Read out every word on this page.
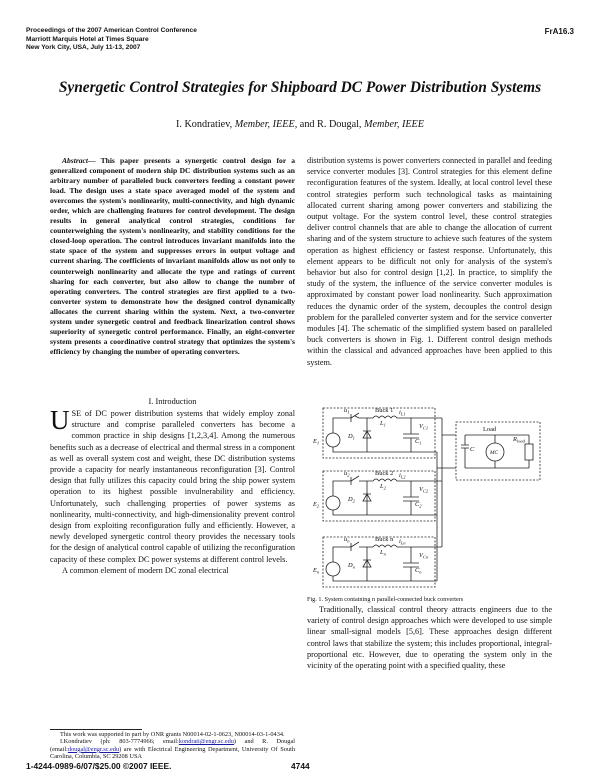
Proceedings of the 2007 American Control Conference
Marriott Marquis Hotel at Times Square
New York City, USA, July 11-13, 2007
FrA16.3
Synergetic Control Strategies for Shipboard DC Power Distribution Systems
I. Kondratiev, Member, IEEE, and R. Dougal, Member, IEEE
Abstract— This paper presents a synergetic control design for a generalized component of modern ship DC distribution systems such as an arbitrary number of paralleled buck converters feeding a constant power load. The design uses a state space averaged model of the system and overcomes the system's nonlinearity, multi-connectivity, and high dynamic order, which are challenging features for control development. The design results in general analytical control strategies, conditions for counterweighing the system's nonlinearity, and stability conditions for the closed-loop operation. The control introduces invariant manifolds into the state space of the system and suppresses errors in output voltage and current sharing. The coefficients of invariant manifolds allow us not only to counterweigh nonlinearity and allocate the type and ratings of current sharing for each converter, but also allow to change the number of operating converters. The control strategies are first applied to a two-converter system to demonstrate how the designed control dynamically allocates the current sharing within the system. Next, a two-converter system under synergetic control and feedback linearization control shows superiority of synergetic control performance. Finally, an eight-converter system presents a coordinative control strategy that optimizes the system's efficiency by changing the number of operating converters.
I. Introduction

USE of DC power distribution systems that widely employ zonal structure and comprise paralleled converters has become a common practice in ship designs [1,2,3,4]. Among the numerous benefits such as a decrease of electrical and thermal stress in a component as well as overall system cost and weight, these DC distribution systems provide a capacity for nearly instantaneous reconfiguration [3]. Control design that fully utilizes this capacity could bring the ship power system operation to its highest possible invulnerability and efficiency. Unfortunately, such challenging properties of power systems as nonlinearity, multi-connectivity, and high-dimensionality prevent control design from exploiting reconfiguration fully and efficiently. However, a newly developed synergetic control theory provides the necessary tools for the design of analytical control capable of utilizing the reconfiguration capacity of these complex DC power systems at different control levels.

A common element of modern DC zonal electrical

distribution systems is power converters connected in parallel and feeding service converter modules [3]. Control strategies for this element define reconfiguration features of the system. Ideally, at local control level these control strategies perform such technological tasks as maintaining allocated current sharing among power converters and stabilizing the output voltage. For the system control level, these control strategies deliver control channels that are able to change the allocation of current sharing and of the system structure to achieve such features of the system operation as highest efficiency or fastest response. Unfortunately, this element appears to be difficult not only for analysis of the system's behavior but also for control design [1,2]. In practice, to simplify the study of the system, the influence of the service converter modules is approximated by constant power load nonlinearity. Such approximation reduces the dynamic order of the system, decouples the control design problem for the paralleled converter system and for the service converter modules [4]. The schematic of the simplified system based on paralleled buck converters is shown in Fig. 1. Different control design methods within the classical and advanced approaches have been applied to this system.

Buck 1
Buck 2
Buck n
Load
$E_1$
$E_2$
$E_n$
$D_1$
$D_2$
$D_n$
$L_1$
$L_2$
$L_n$
$C_1$
$C_2$
$C_n$
$i_{L1}$
$i_{L2}$
$i_{Ln}$
$u_1$
$u_2$
$u_n$
$V_{C1}$
$V_{C2}$
$V_{Cn}$
$R_{load}$
C	MC
Fig. 1. System containing n parallel-connected buck converters

Traditionally, classical control theory attracts engineers due to the variety of control design approaches which were developed to use simple linear small-signal models [5,6]. These approaches design different control laws that stabilize the system; this includes proportional, integral-proportional etc. However, due to operating the system only in the vicinity of the operating point with a specified quality, these

This work was supported in part by ONR grants N00014-02-1-0623, N00014-03-1-0434.

I.Kondratiev (ph: 803-7774966; email:kondrati@engr.sc.edu) and R. Dougal (email:dougal@engr.sc.edu) are with Electrical Engineering Department, University Of South Carolina, Columbia, SC 29208 USA

1-4244-0989-6/07/$25.00 ©2007 IEEE.	4744
